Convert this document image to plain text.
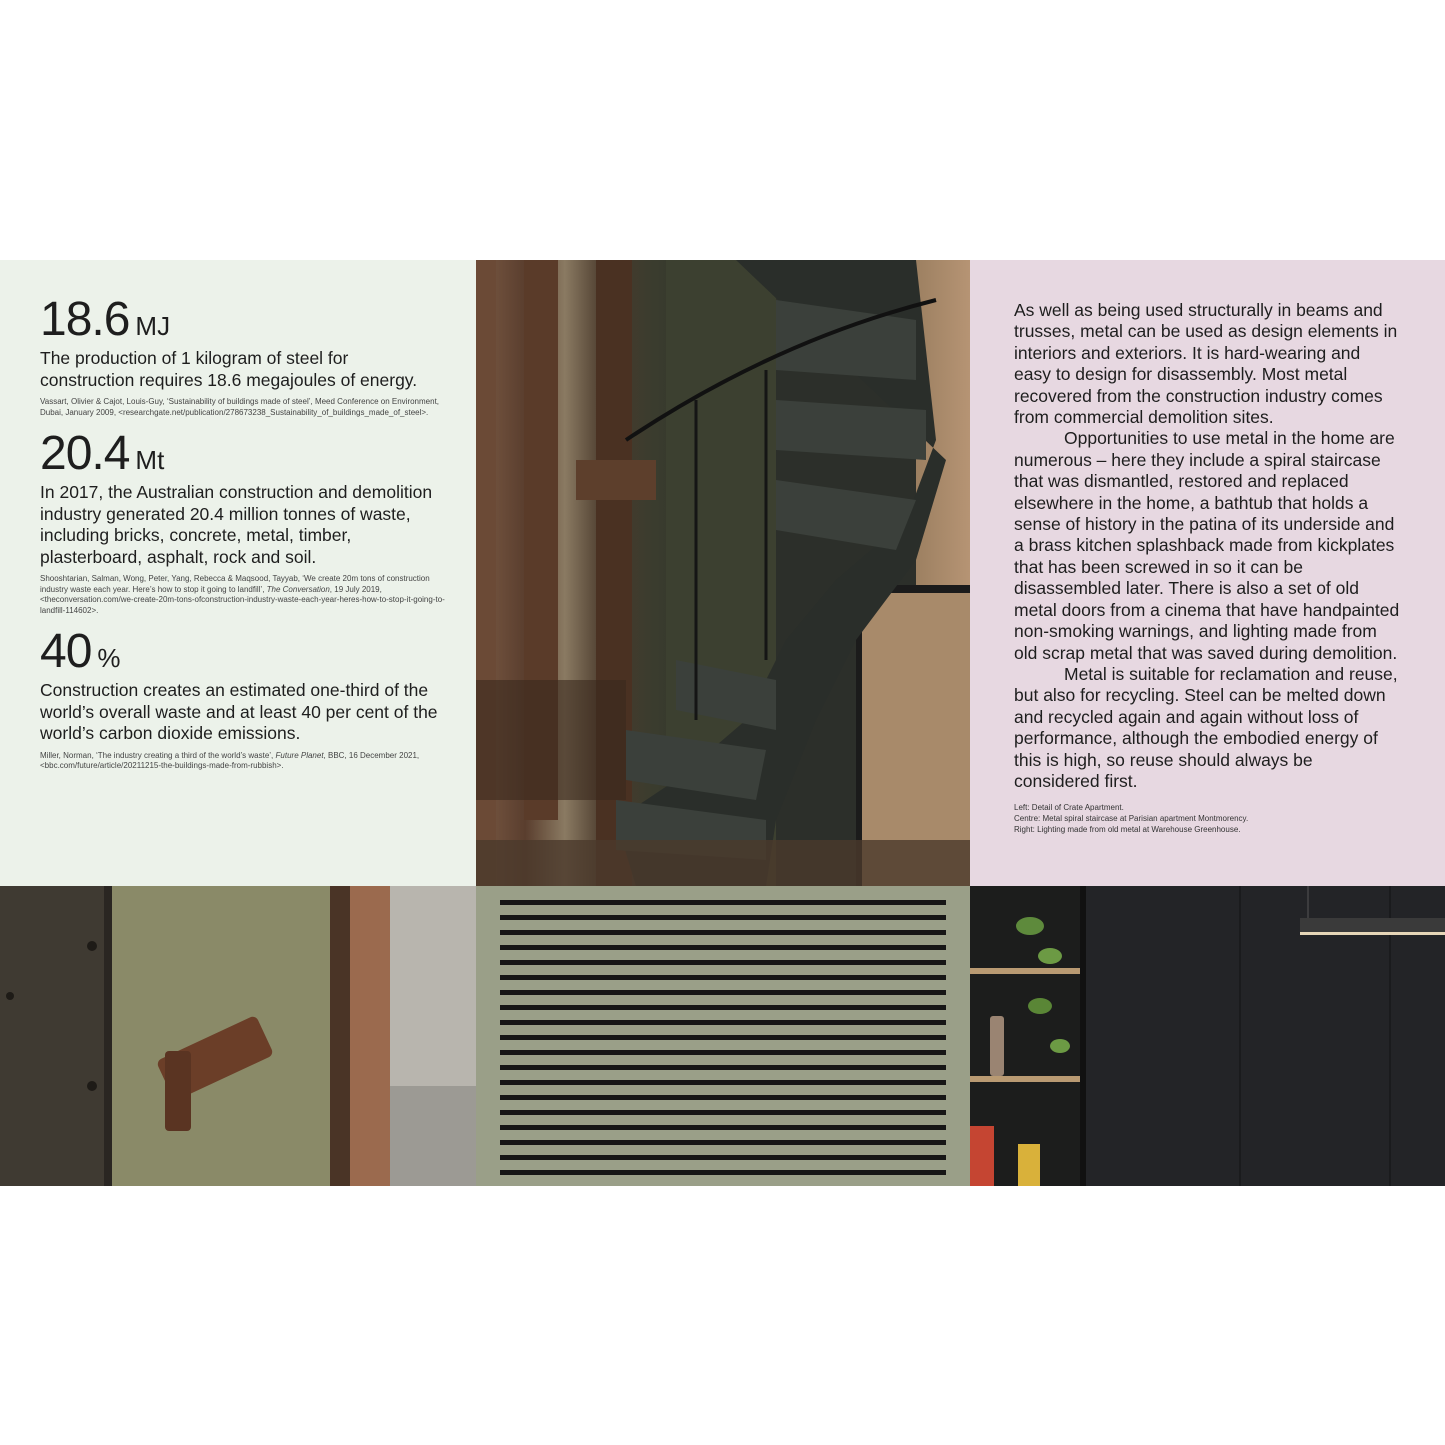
18.6 MJ

The production of 1 kilogram of steel for construction requires 18.6 megajoules of energy.

Vassart, Olivier & Cajot, Louis-Guy, ‘Sustainability of buildings made of steel’, Meed Conference on Environment, Dubai, January 2009, <researchgate.net/publication/278673238_Sustainability_of_buildings_made_of_steel>.
20.4 Mt

In 2017, the Australian construction and demolition industry generated 20.4 million tonnes of waste, including bricks, concrete, metal, timber, plasterboard, asphalt, rock and soil.

Shooshtarian, Salman, Wong, Peter, Yang, Rebecca & Maqsood, Tayyab, ‘We create 20m tons of construction industry waste each year. Here’s how to stop it going to landfill’, The Conversation, 19 July 2019, <theconversation.com/we-create-20m-tons-ofconstruction-industry-waste-each-year-heres-how-to-stop-it-going-to-landfill-114602>.
40 %

Construction creates an estimated one-third of the world’s overall waste and at least 40 per cent of the world’s carbon dioxide emissions.

Miller, Norman, ‘The industry creating a third of the world’s waste’, Future Planet, BBC, 16 December 2021, <bbc.com/future/article/20211215-the-buildings-made-from-rubbish>.

As well as being used structurally in beams and trusses, metal can be used as design elements in interiors and exteriors. It is hard-wearing and easy to design for disassembly. Most metal recovered from the construction industry comes from commercial demolition sites.

Opportunities to use metal in the home are numerous – here they include a spiral staircase that was dismantled, restored and replaced elsewhere in the home, a bathtub that holds a sense of history in the patina of its underside and a brass kitchen splashback made from kickplates that has been screwed in so it can be disassembled later. There is also a set of old metal doors from a cinema that have handpainted non-smoking warnings, and lighting made from old scrap metal that was saved during demolition.

Metal is suitable for reclamation and reuse, but also for recycling. Steel can be melted down and recycled again and again without loss of performance, although the embodied energy of this is high, so reuse should always be considered first.

Left: Detail of Crate Apartment.
Centre: Metal spiral staircase at Parisian apartment Montmorency.
Right: Lighting made from old metal at Warehouse Greenhouse.
